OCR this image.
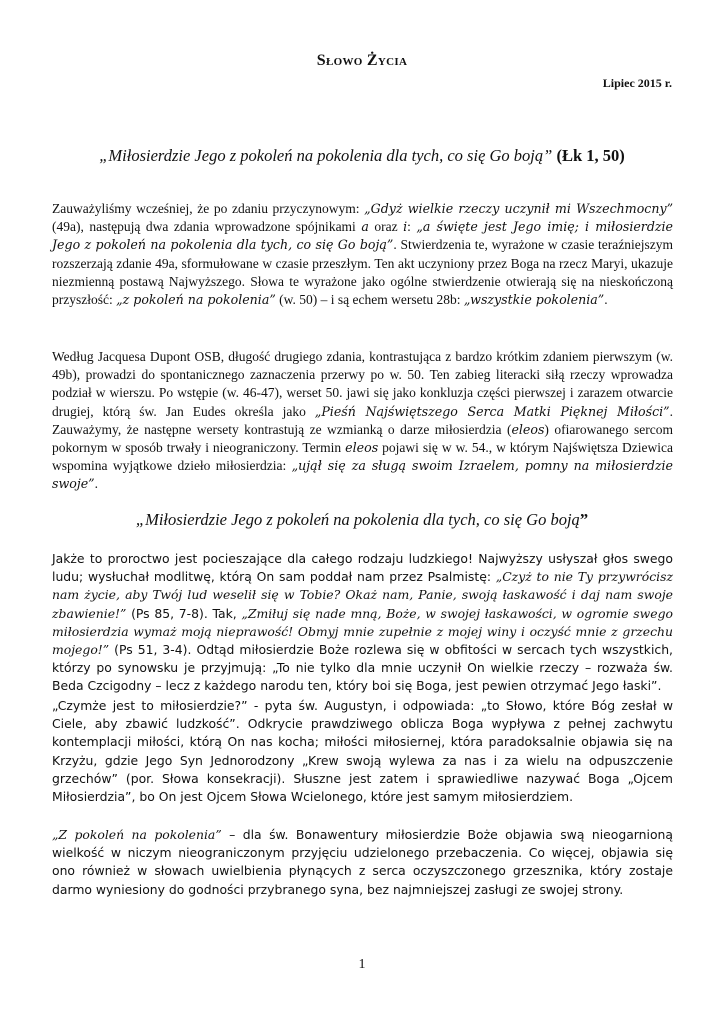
Słowo Życia
Lipiec 2015 r.
„Miłosierdzie Jego z pokoleń na pokolenia dla tych, co się Go boją” (Łk 1, 50)
Zauważyliśmy wcześniej, że po zdaniu przyczynowym: „Gdyż wielkie rzeczy uczynił mi Wszechmocny” (49a), następują dwa zdania wprowadzone spójnikami a oraz i: „a święte jest Jego imię; i miłosierdzie Jego z pokoleń na pokolenia dla tych, co się Go boją”. Stwierdzenia te, wyrażone w czasie teraźniejszym rozszerzają zdanie 49a, sformułowane w czasie przeszłym. Ten akt uczyniony przez Boga na rzecz Maryi, ukazuje niezmienną postawą Najwyższego. Słowa te wyrażone jako ogólne stwierdzenie otwierają się na nieskończoną przyszłość: „z pokoleń na pokolenia” (w. 50) – i są echem wersetu 28b: „wszystkie pokolenia”.
Według Jacquesa Dupont OSB, długość drugiego zdania, kontrastująca z bardzo krótkim zdaniem pierwszym (w. 49b), prowadzi do spontanicznego zaznaczenia przerwy po w. 50. Ten zabieg literacki siłą rzeczy wprowadza podział w wierszu. Po wstępie (w. 46-47), werset 50. jawi się jako konkluzja części pierwszej i zarazem otwarcie drugiej, którą św. Jan Eudes określa jako „Pieśń Najświętszego Serca Matki Pięknej Miłości”. Zauważymy, że następne wersety kontrastują ze wzmianką o darze miłosierdzia (eleos) ofiarowanego sercom pokornym w sposób trwały i nieograniczony. Termin eleos pojawi się w w. 54., w którym Najświętsza Dziewica wspomina wyjątkowe dzieło miłosierdzia: „ujął się za sługą swoim Izraelem, pomny na miłosierdzie swoje”.
„Miłosierdzie Jego z pokoleń na pokolenia dla tych, co się Go boją”
Jakże to proroctwo jest pocieszające dla całego rodzaju ludzkiego! Najwyższy usłyszał głos swego ludu; wysłuchał modlitwę, którą On sam poddał nam przez Psalmistę: „Czyż to nie Ty przywrócisz nam życie, aby Twój lud weselił się w Tobie? Okaż nam, Panie, swoją łaskawość i daj nam swoje zbawienie!” (Ps 85, 7-8). Tak, „Zmiłuj się nade mną, Boże, w swojej łaskawości, w ogromie swego miłosierdzia wymaż moją nieprawość! Obmyj mnie zupełnie z mojej winy i oczyść mnie z grzechu mojego!” (Ps 51, 3-4). Odtąd miłosierdzie Boże rozlewa się w obfitości w sercach tych wszystkich, którzy po synowsku je przyjmują: „To nie tylko dla mnie uczynił On wielkie rzeczy – rozważa św. Beda Czcigodny – lecz z każdego narodu ten, który boi się Boga, jest pewien otrzymać Jego łaski”.
„Czymże jest to miłosierdzie?” - pyta św. Augustyn, i odpowiada: „to Słowo, które Bóg zesłał w Ciele, aby zbawić ludzkość”. Odkrycie prawdziwego oblicza Boga wypływa z pełnej zachwytu kontemplacji miłości, którą On nas kocha; miłości miłosiernej, która paradoksalnie objawia się na Krzyżu, gdzie Jego Syn Jednorodzony „Krew swoją wylewa za nas i za wielu na odpuszczenie grzechów” (por. Słowa konsekracji). Słuszne jest zatem i sprawiedliwe nazywać Boga „Ojcem Miłosierdzia”, bo On jest Ojcem Słowa Wcielonego, które jest samym miłosierdziem.
„Z pokoleń na pokolenia” – dla św. Bonawentury miłosierdzie Boże objawia swą nieogarnioną wielkość w niczym nieograniczonym przyjęciu udzielonego przebaczenia. Co więcej, objawia się ono również w słowach uwielbienia płynących z serca oczyszczonego grzesznika, który zostaje darmo wyniesiony do godności przybranego syna, bez najmniejszej zasługi ze swojej strony.
1
